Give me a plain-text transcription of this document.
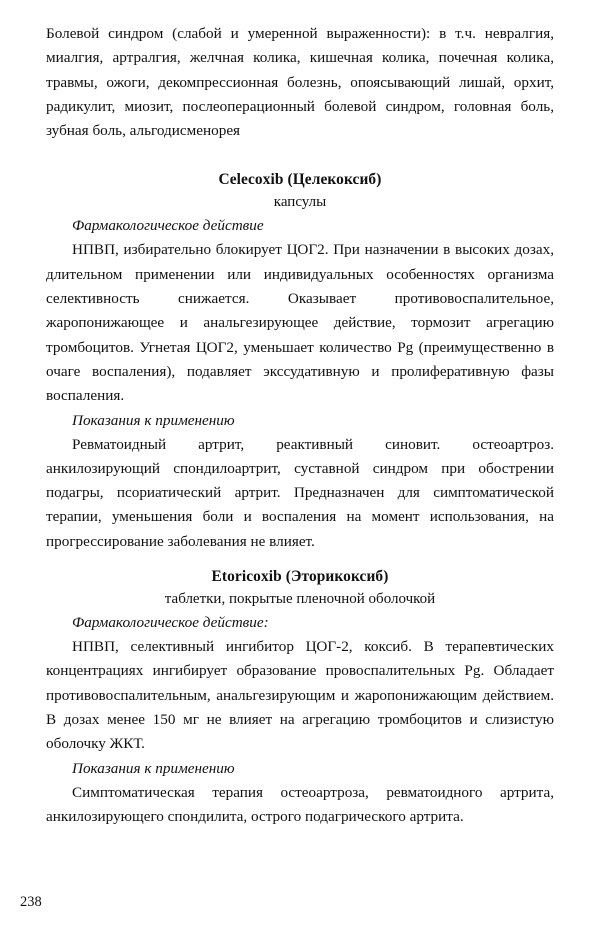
Болевой синдром (слабой и умеренной выраженности): в т.ч. невралгия, миалгия, артралгия, желчная колика, кишечная колика, почечная колика, травмы, ожоги, декомпрессионная болезнь, опоясывающий лишай, орхит, радикулит, миозит, послеоперационный болевой синдром, головная боль, зубная боль, альгодисменорея

Celecoxib (Целекоксиб)

капсулы

Фармакологическое действие

НПВП, избирательно блокирует ЦОГ2. При назначении в высоких дозах, длительном применении или индивидуальных особенностях организма селективность снижается. Оказывает противовоспалительное, жаропонижающее и анальгезирующее действие, тормозит агрегацию тромбоцитов. Угнетая ЦОГ2, уменьшает количество Pg (преимущественно в очаге воспаления), подавляет экссудативную и пролиферативную фазы воспаления.

Показания к применению

Ревматоидный артрит, реактивный синовит. остеоартроз. анкилозирующий спондилоартрит, суставной синдром при обострении подагры, псориатический артрит. Предназначен для симптоматической терапии, уменьшения боли и воспаления на момент использования, на прогрессирование заболевания не влияет.

Etoricoxib (Эторикоксиб)

таблетки, покрытые пленочной оболочкой

Фармакологическое действие:

НПВП, селективный ингибитор ЦОГ-2, коксиб. В терапевтических концентрациях ингибирует образование провоспалительных Pg. Обладает противовоспалительным, анальгезирующим и жаропонижающим действием. В дозах менее 150 мг не влияет на агрегацию тромбоцитов и слизистую оболочку ЖКТ.

Показания к применению

Симптоматическая терапия остеоартроза, ревматоидного артрита, анкилозирующего спондилита, острого подагрического артрита.

238
